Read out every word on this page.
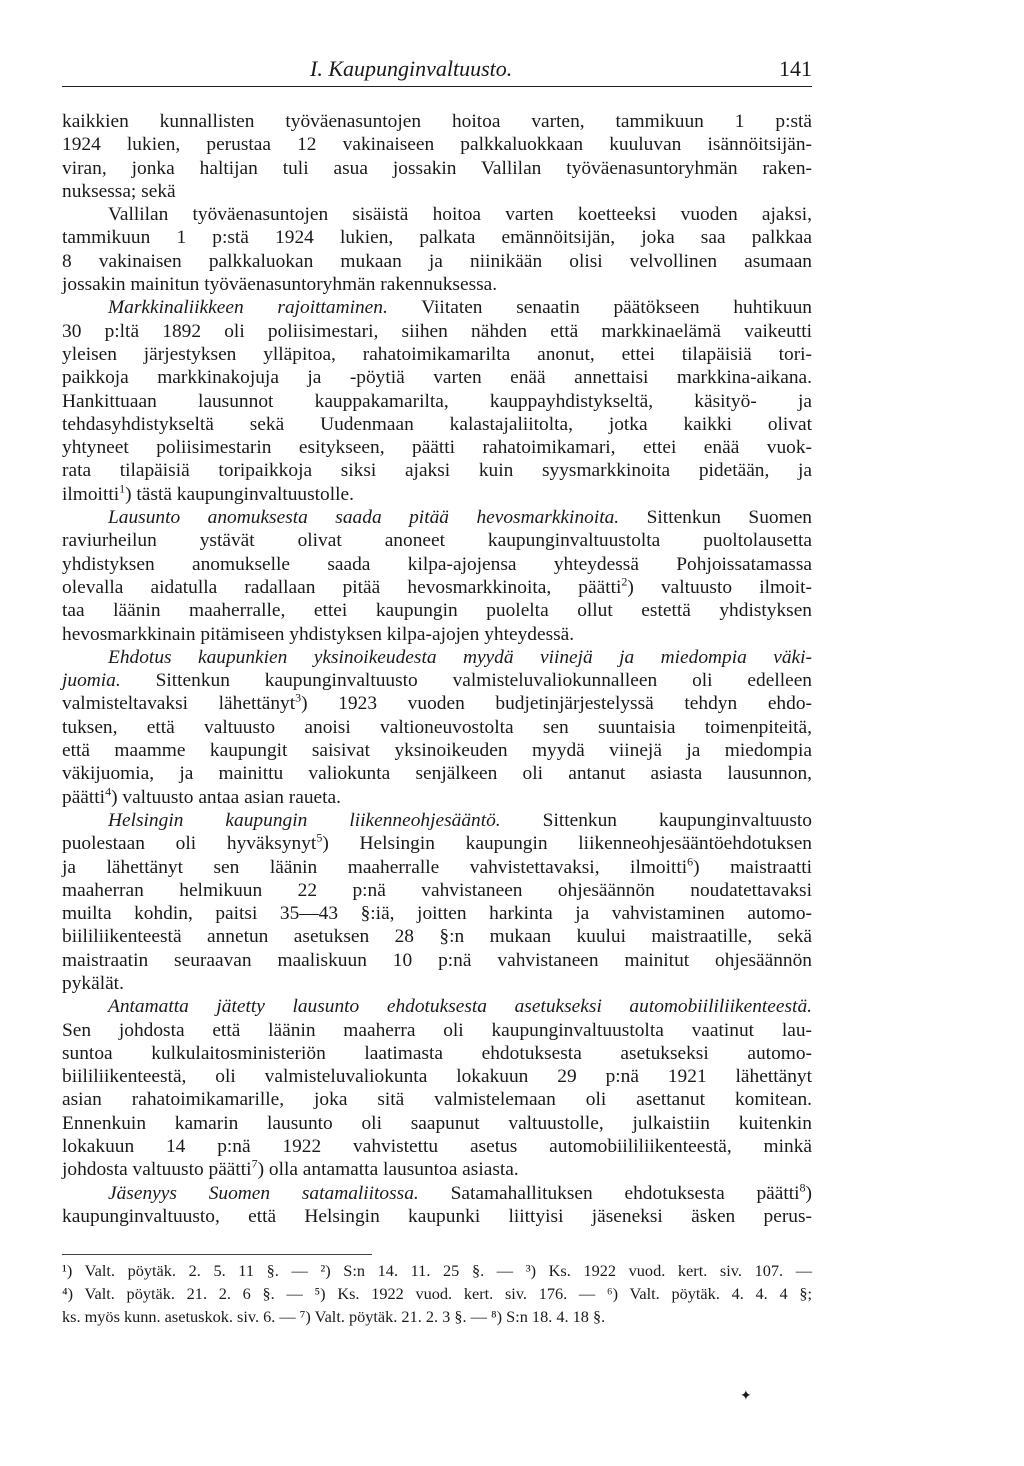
I. Kaupunginvaltuusto.	141
kaikkien kunnallisten työväenasuntojen hoitoa varten, tammikuun 1 p:stä
1924 lukien, perustaa 12 vakinaiseen palkkaluokkaan kuuluvan isännöitsijän-
viran, jonka haltijan tuli asua jossakin Vallilan työväenasuntoryhmän raken-
nuksessa; sekä
Vallilan työväenasuntojen sisäistä hoitoa varten koetteeksi vuoden ajaksi,
tammikuun 1 p:stä 1924 lukien, palkata emännöitsijän, joka saa palkkaa
8 vakinaisen palkkaluokan mukaan ja niinikään olisi velvollinen asumaan
jossakin mainitun työväenasuntoryhmän rakennuksessa.
Markkinaliikkeen rajoittaminen. Viitaten senaatin päätökseen huhtikuun
30 p:ltä 1892 oli poliisimestari, siihen nähden että markkinaelämä vaikeutti
yleisen järjestyksen ylläpitoa, rahatoimikamarilta anonut, ettei tilapäisiä tori-
paikkoja markkinakojuja ja -pöytiä varten enää annettaisi markkina-aikana.
Hankittuaan lausunnot kauppakamarilta, kauppayhdistykseltä, käsityö- ja
tehdasyhdistykseltä sekä Uudenmaan kalastajaliitolta, jotka kaikki olivat
yhtyneet poliisimestarin esitykseen, päätti rahatoimikamari, ettei enää vuok-
rata tilapäisiä toripaikkoja siksi ajaksi kuin syysmarkkinoita pidetään, ja
ilmoitti$^1$) tästä kaupunginvaltuustolle.
Lausunto anomuksesta saada pitää hevosmarkkinoita. Sittenkun Suomen
raviurheilun ystävät olivat anoneet kaupunginvaltuustolta puoltolausetta
yhdistyksen anomukselle saada kilpa-ajojensa yhteydessä Pohjoissatamassa
olevalla aidatulla radallaan pitää hevosmarkkinoita, päätti$^2$) valtuusto ilmoit-
taa läänin maaherralle, ettei kaupungin puolelta ollut estettä yhdistyksen
hevosmarkkinain pitämiseen yhdistyksen kilpa-ajojen yhteydessä.
Ehdotus kaupunkien yksinoikeudesta myydä viinejä ja miedompia väki-
juomia. Sittenkun kaupunginvaltuusto valmisteluvaliokunnalleen oli edelleen
valmisteltavaksi lähettänyt$^3$) 1923 vuoden budjetinjärjestelyssä tehdyn ehdo-
tuksen, että valtuusto anoisi valtioneuvostolta sen suuntaisia toimenpiteitä,
että maamme kaupungit saisivat yksinoikeuden myydä viinejä ja miedompia
väkijuomia, ja mainittu valiokunta senjälkeen oli antanut asiasta lausunnon,
päätti$^4$) valtuusto antaa asian raueta.
Helsingin kaupungin liikenneohjesääntö. Sittenkun kaupunginvaltuusto
puolestaan oli hyväksynyt$^5$) Helsingin kaupungin liikenneohjesääntöehdotuksen
ja lähettänyt sen läänin maaherralle vahvistettavaksi, ilmoitti$^6$) maistraatti
maaherran helmikuun 22 p:nä vahvistaneen ohjesäännön noudatettavaksi
muilta kohdin, paitsi 35—43 §:iä, joitten harkinta ja vahvistaminen automo-
biililiikenteestä annetun asetuksen 28 §:n mukaan kuului maistraatille, sekä
maistraatin seuraavan maaliskuun 10 p:nä vahvistaneen mainitut ohjesäännön
pykälät.
Antamatta jätetty lausunto ehdotuksesta asetukseksi automobiililiikenteestä.
Sen johdosta että läänin maaherra oli kaupunginvaltuustolta vaatinut lau-
suntoa kulkulaitosministeriön laatimasta ehdotuksesta asetukseksi automo-
biililiikenteestä, oli valmisteluvaliokunta lokakuun 29 p:nä 1921 lähettänyt
asian rahatoimikamarille, joka sitä valmistelemaan oli asettanut komitean.
Ennenkuin kamarin lausunto oli saapunut valtuustolle, julkaistiin kuitenkin
lokakuun 14 p:nä 1922 vahvistettu asetus automobiililiikenteestä, minkä
johdosta valtuusto päätti$^7$) olla antamatta lausuntoa asiasta.
Jäsenyys Suomen satamaliitossa. Satamahallituksen ehdotuksesta päätti$^8$)
kaupunginvaltuusto, että Helsingin kaupunki liittyisi jäseneksi äsken perus-
¹) Valt. pöytäk. 2. 5. 11 §. — ²) S:n 14. 11. 25 §. — ³) Ks. 1922 vuod. kert. siv. 107. —
⁴) Valt. pöytäk. 21. 2. 6 §. — ⁵) Ks. 1922 vuod. kert. siv. 176. — ⁶) Valt. pöytäk. 4. 4. 4 §;
ks. myös kunn. asetuskok. siv. 6. — ⁷) Valt. pöytäk. 21. 2. 3 §. — ⁸) S:n 18. 4. 18 §.
✦
